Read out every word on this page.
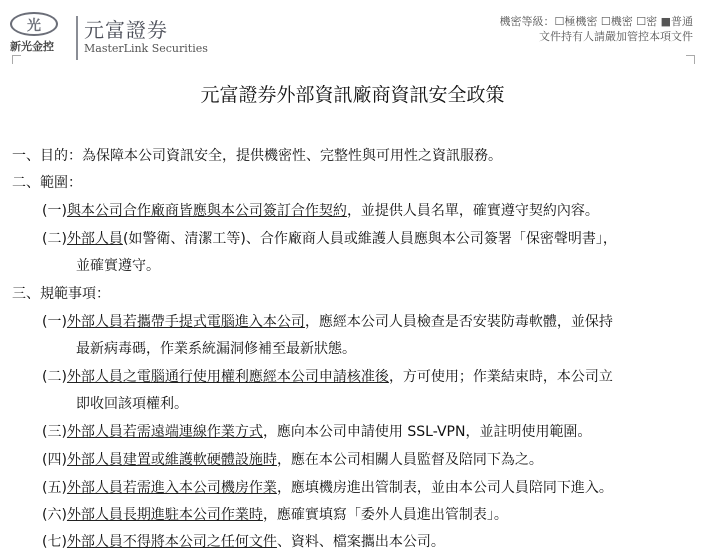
光
新光金控
元富證券
MasterLink Securities
機密等級：☐極機密 ☐機密 ☐密 ■普通
文件持有人請嚴加管控本項文件
元富證券外部資訊廠商資訊安全政策
一、目的：為保障本公司資訊安全，提供機密性、完整性與可用性之資訊服務。
二、範圍：
(一)與本公司合作廠商皆應與本公司簽訂合作契約，並提供人員名單，確實遵守契約內容。
(二)外部人員(如警衛、清潔工等)、合作廠商人員或維護人員應與本公司簽署「保密聲明書」，
並確實遵守。
三、規範事項：
(一)外部人員若攜帶手提式電腦進入本公司，應經本公司人員檢查是否安裝防毒軟體，並保持
最新病毒碼，作業系統漏洞修補至最新狀態。
(二)外部人員之電腦通行使用權利應經本公司申請核准後，方可使用；作業結束時，本公司立
即收回該項權利。
(三)外部人員若需遠端連線作業方式，應向本公司申請使用 SSL-VPN，並註明使用範圍。
(四)外部人員建置或維護軟硬體設施時，應在本公司相關人員監督及陪同下為之。
(五)外部人員若需進入本公司機房作業，應填機房進出管制表，並由本公司人員陪同下進入。
(六)外部人員長期進駐本公司作業時，應確實填寫「委外人員進出管制表」。
(七)外部人員不得將本公司之任何文件、資料、檔案攜出本公司。
